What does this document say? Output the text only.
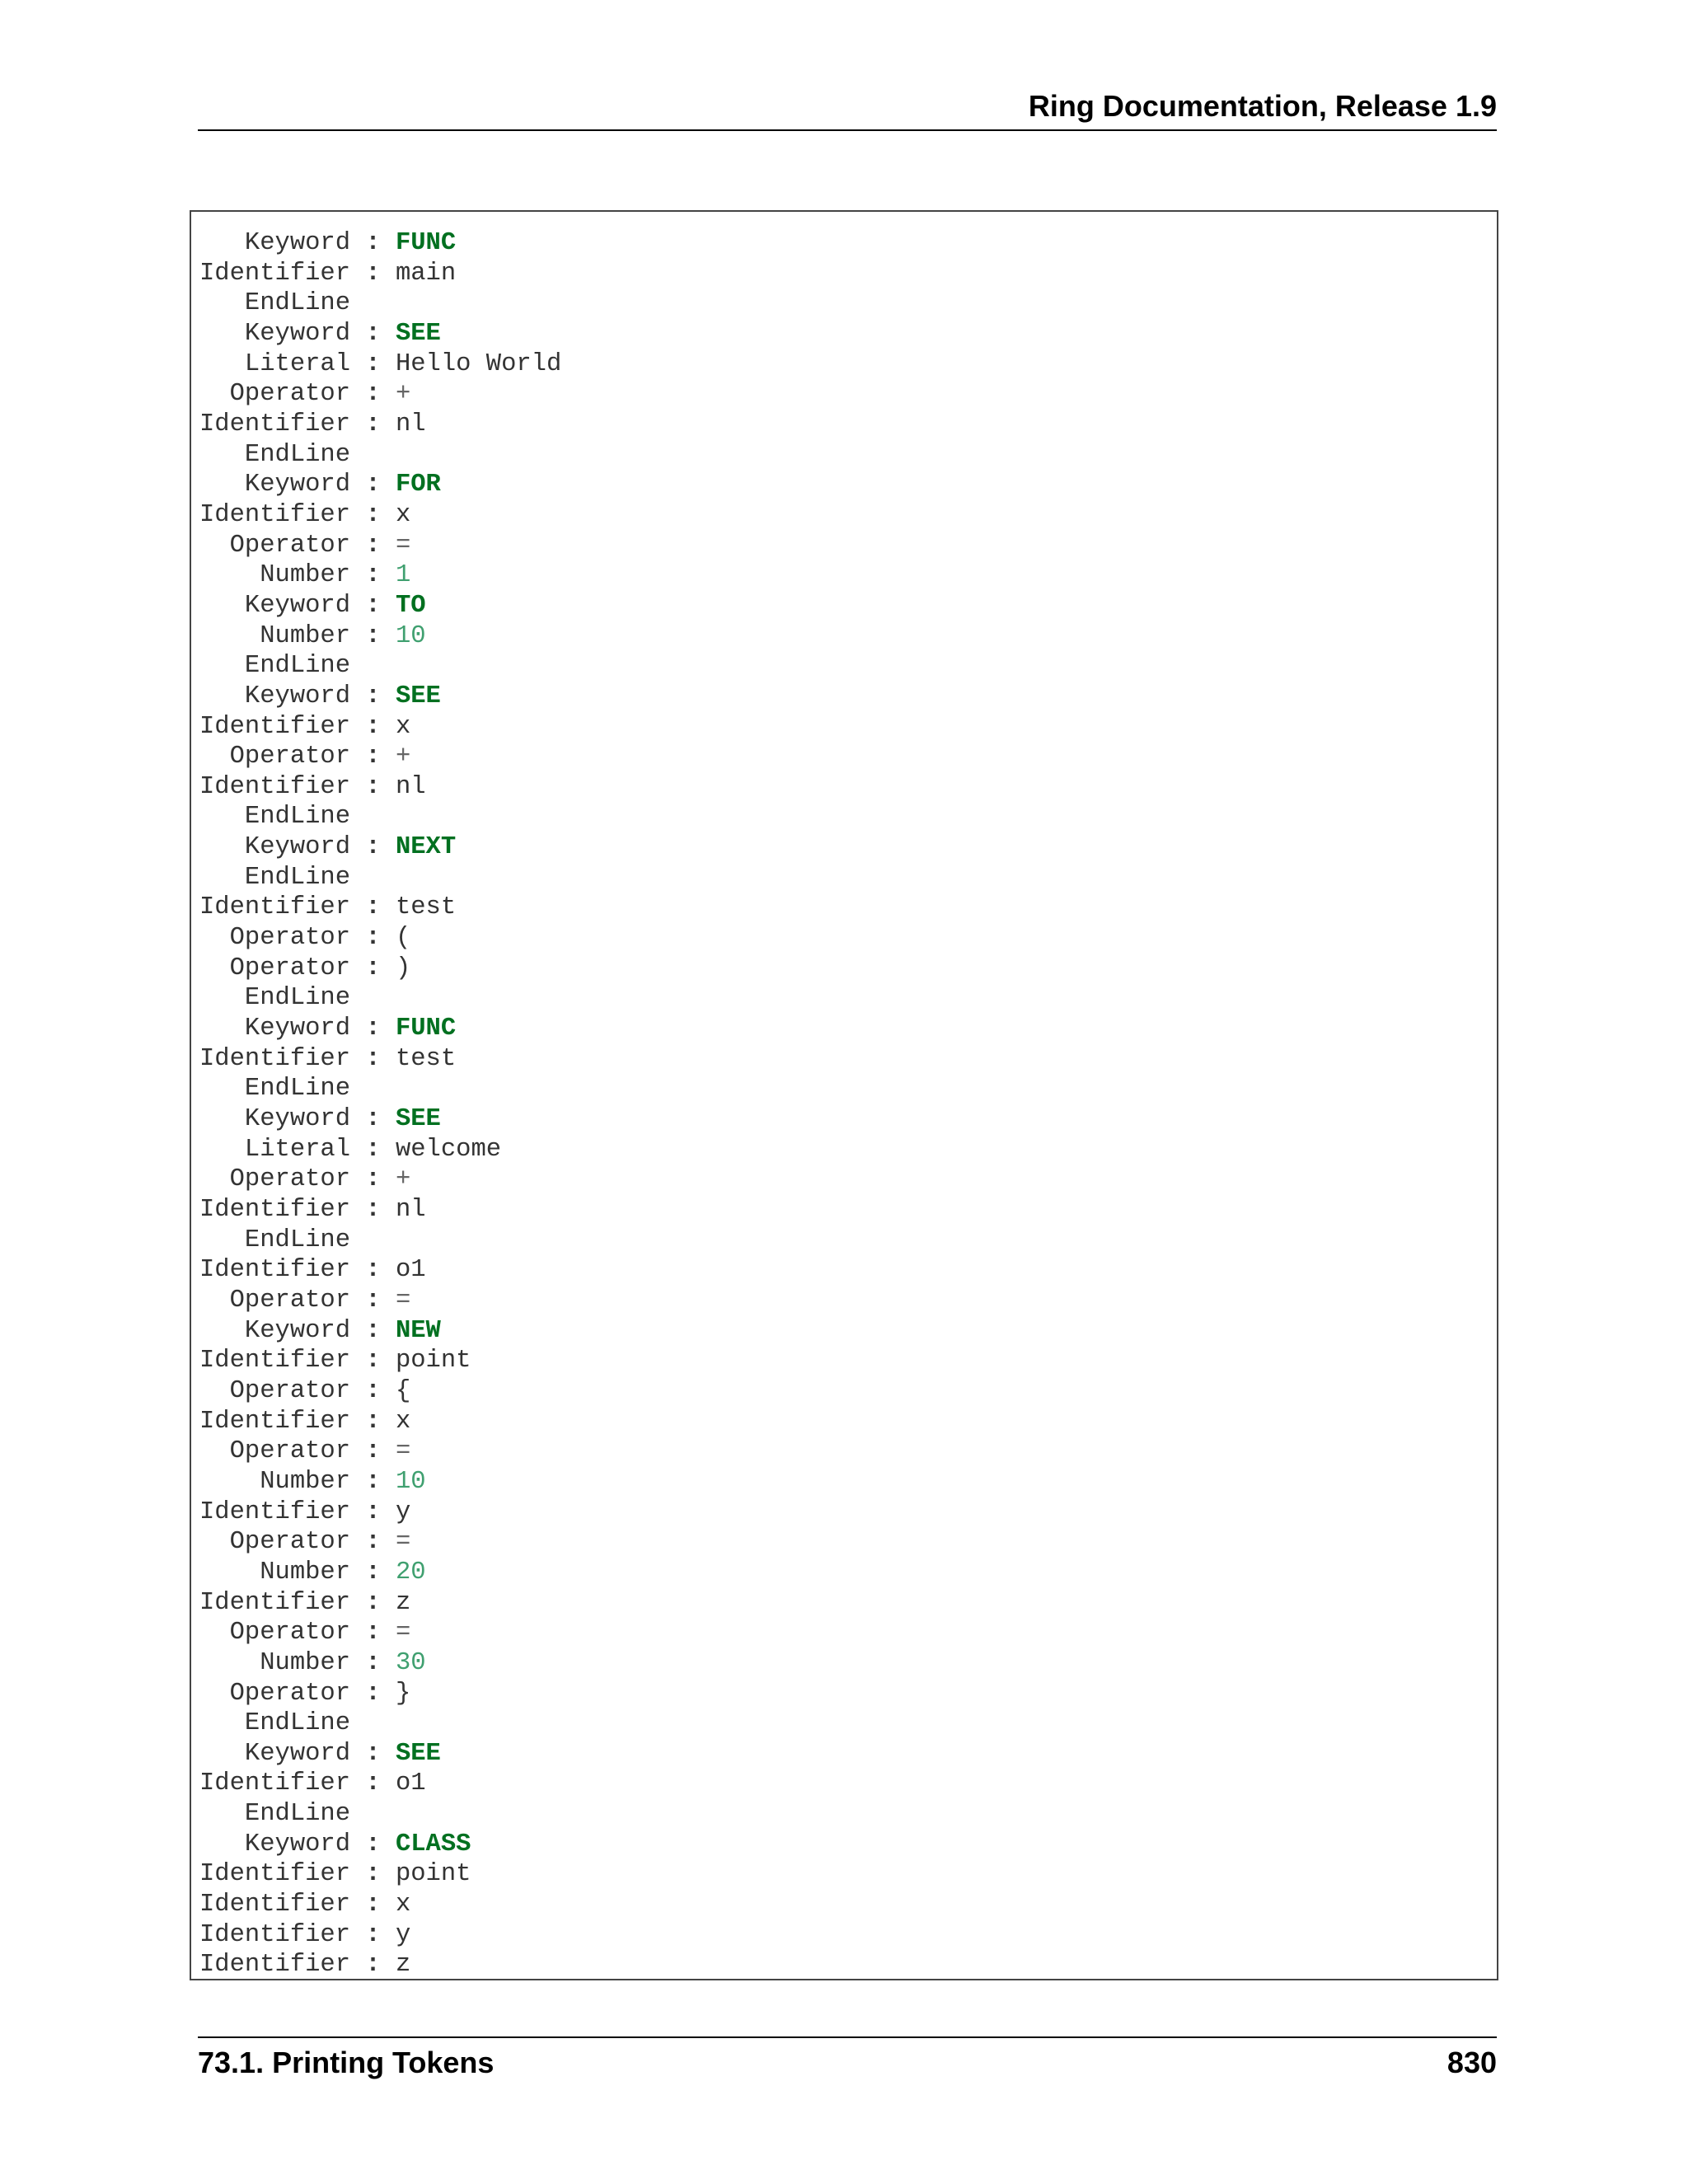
Ring Documentation, Release 1.9
Keyword : FUNC
Identifier : main
EndLine
Keyword : SEE
Literal : Hello World
Operator : +
Identifier : nl
EndLine
Keyword : FOR
Identifier : x
Operator : =
Number : 1
Keyword : TO
Number : 10
EndLine
Keyword : SEE
Identifier : x
Operator : +
Identifier : nl
EndLine
Keyword : NEXT
EndLine
Identifier : test
Operator : (
Operator : )
EndLine
Keyword : FUNC
Identifier : test
EndLine
Keyword : SEE
Literal : welcome
Operator : +
Identifier : nl
EndLine
Identifier : o1
Operator : =
Keyword : NEW
Identifier : point
Operator : {
Identifier : x
Operator : =
Number : 10
Identifier : y
Operator : =
Number : 20
Identifier : z
Operator : =
Number : 30
Operator : }
EndLine
Keyword : SEE
Identifier : o1
EndLine
Keyword : CLASS
Identifier : point
Identifier : x
Identifier : y
Identifier : z
73.1. Printing Tokens	830
